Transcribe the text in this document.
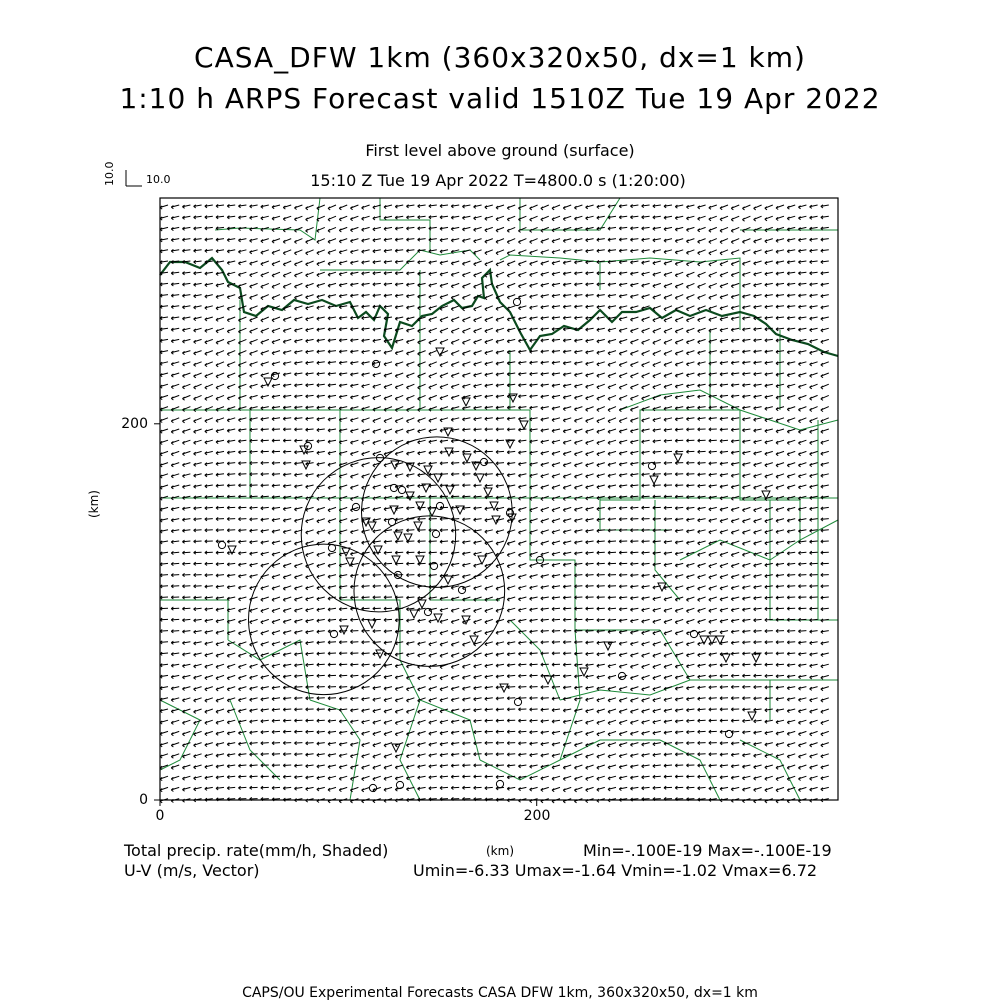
CASA_DFW 1km (360x320x50, dx=1 km)
1:10 h ARPS Forecast valid 1510Z Tue 19 Apr 2022
First level above ground (surface)
15:10 Z Tue 19 Apr 2022 T=4800.0 s (1:20:00)
10.0	10.0
0
200
0	200
(km)
(km)
Total precip. rate(mm/h, Shaded)	Min=-.100E-19 Max=-.100E-19
U-V (m/s, Vector)	Umin=-6.33 Umax=-1.64 Vmin=-1.02 Vmax=6.72
CAPS/OU Experimental Forecasts CASA DFW 1km, 360x320x50, dx=1 km
